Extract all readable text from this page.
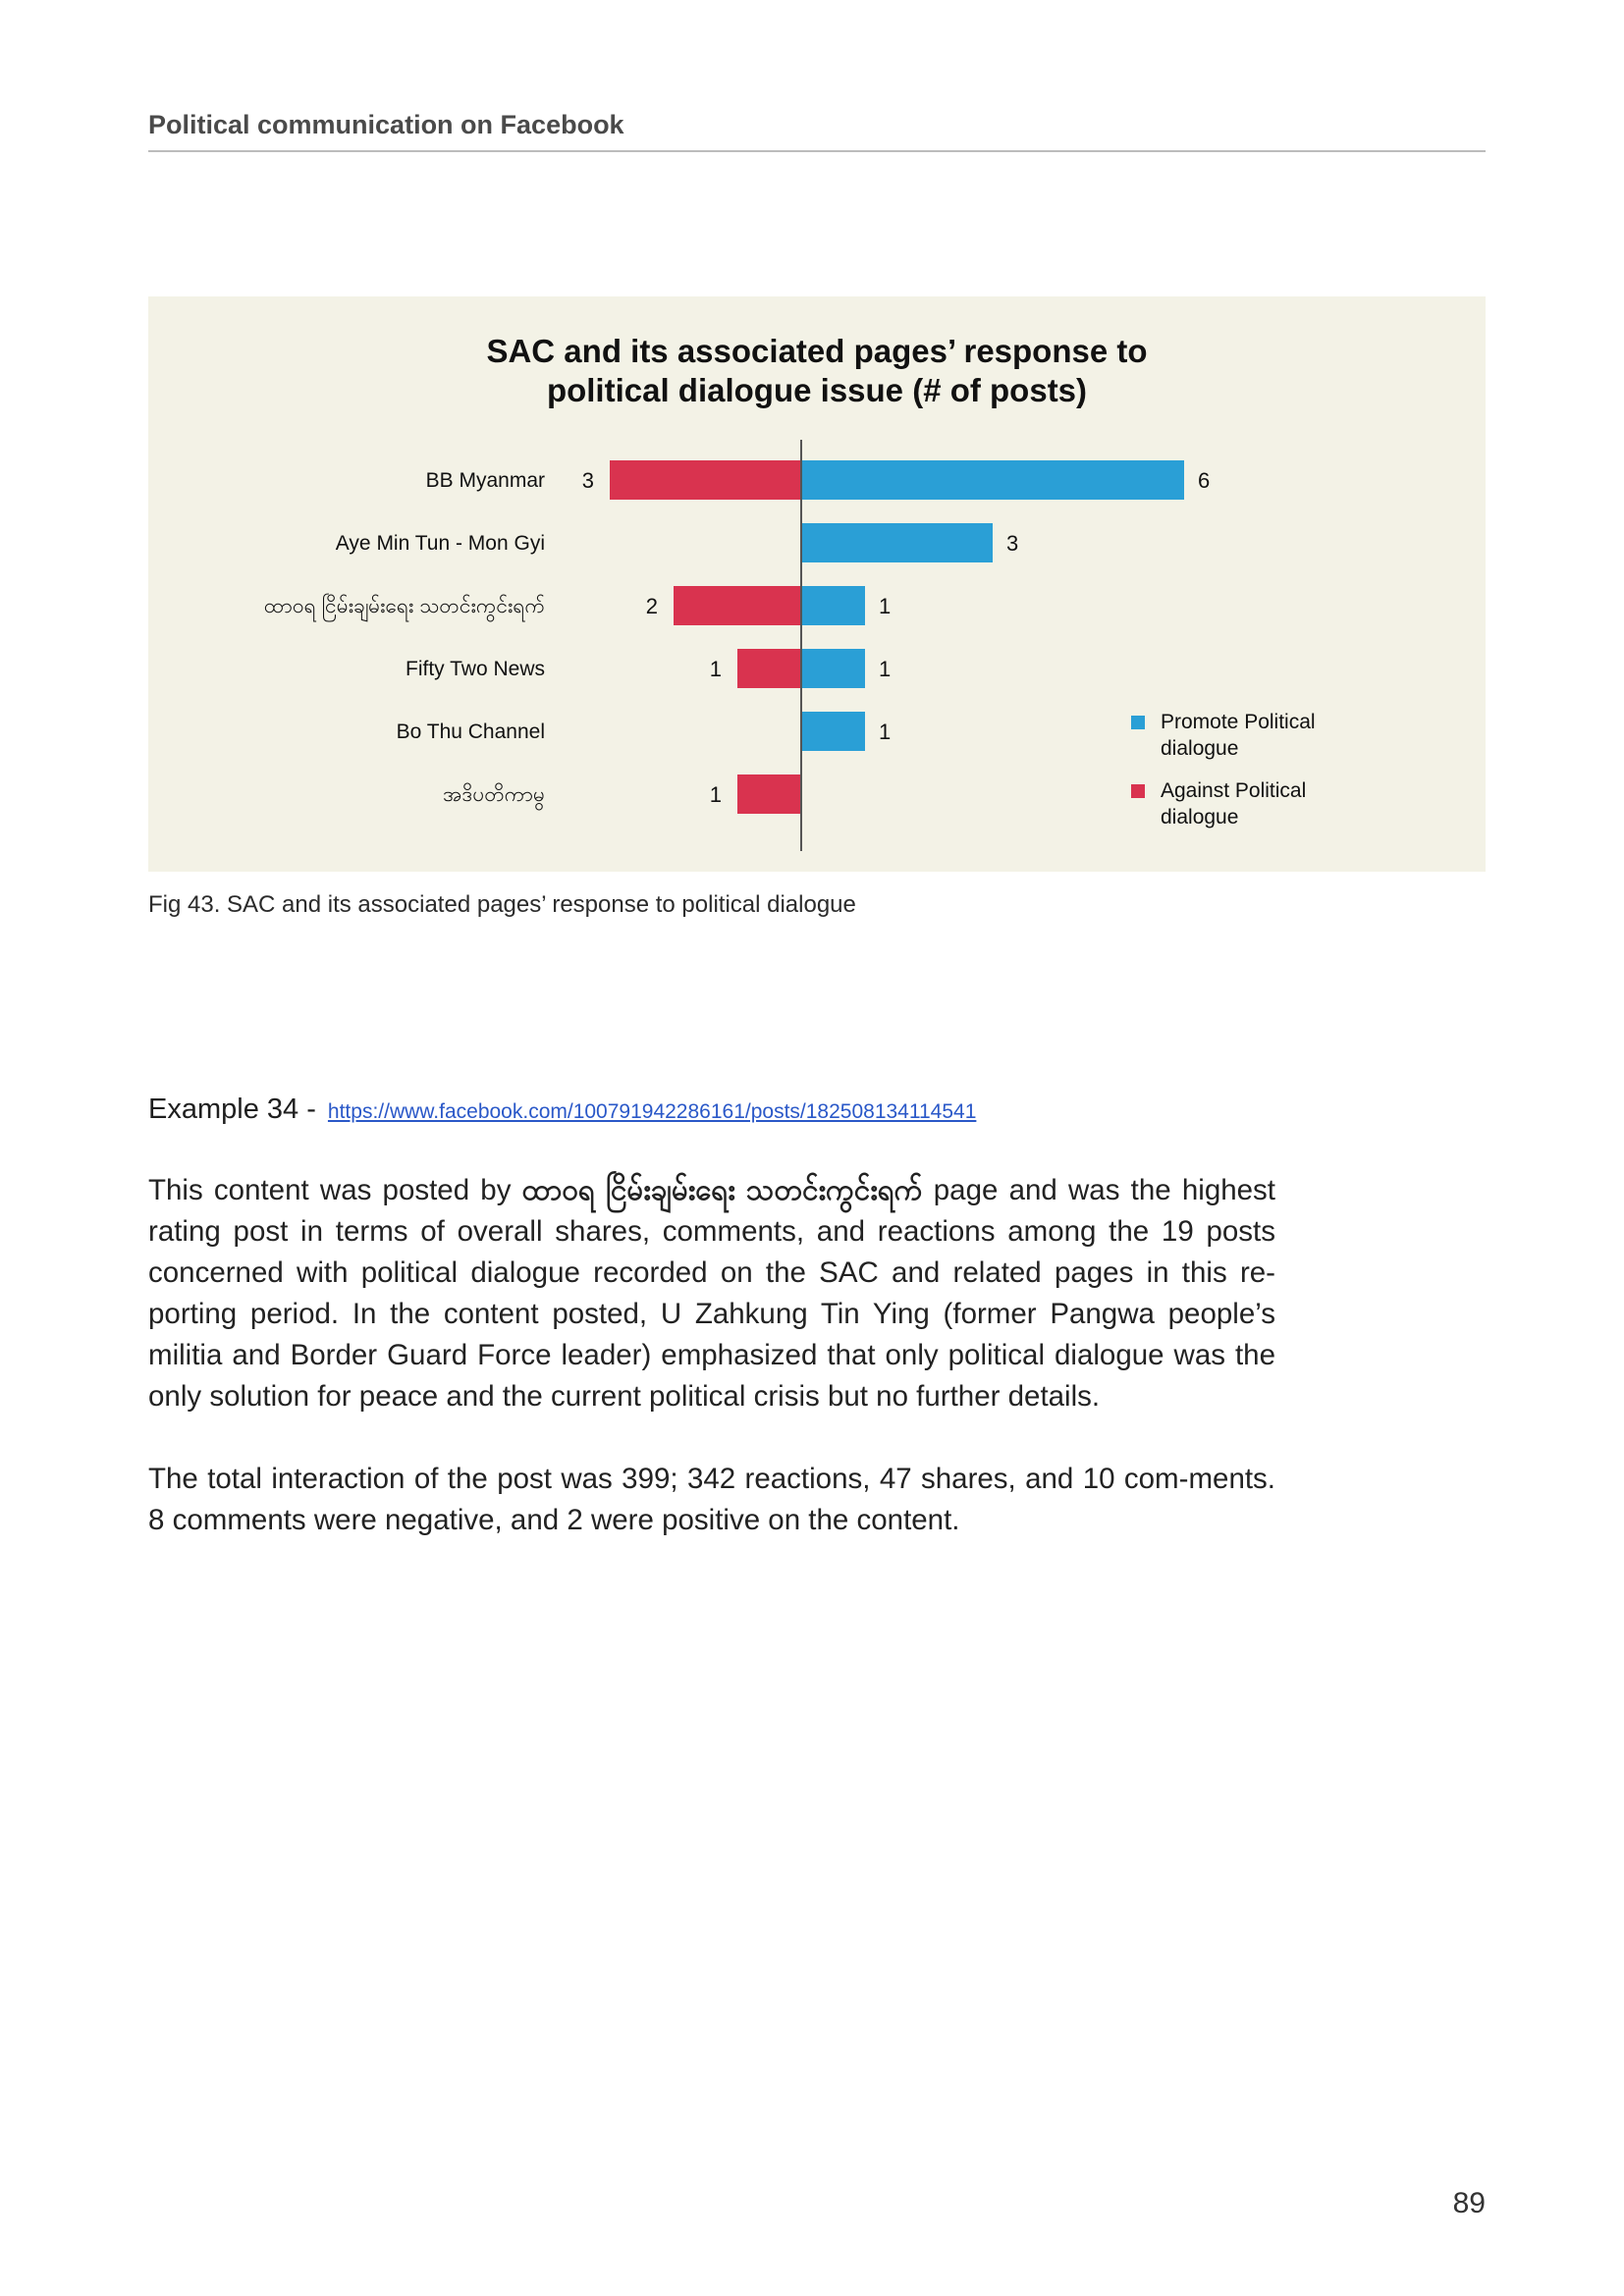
Political communication on Facebook
SAC and its associated pages’ response to
political dialogue issue (# of posts)
BB Myanmar	6
3
Aye Min Tun - Mon Gyi	3
ထာဝရ ငြိမ်းချမ်းရေး သတင်းကွင်းရက်	1
2
Fifty Two News	1
1
Bo Thu Channel	1
အဒိပတိကာမွ	1
Promote Political
dialogue
Against Political
dialogue
Fig 43. SAC and its associated pages’ response to political dialogue
Example 34 - https://www.facebook.com/100791942286161/posts/182508134114541

This content was posted by ထာဝရ ငြိမ်းချမ်းရေး သတင်းကွင်းရက် page and was the highest rating post in terms of overall shares, comments, and reactions among the 19 posts concerned with political dialogue recorded on the SAC and related pages in this re-porting period. In the content posted, U Zahkung Tin Ying (former Pangwa people’s militia and Border Guard Force leader) emphasized that only political dialogue was the only solution for peace and the current political crisis but no further details.

The total interaction of the post was 399; 342 reactions, 47 shares, and 10 com-ments. 8 comments were negative, and 2 were positive on the content.

89
